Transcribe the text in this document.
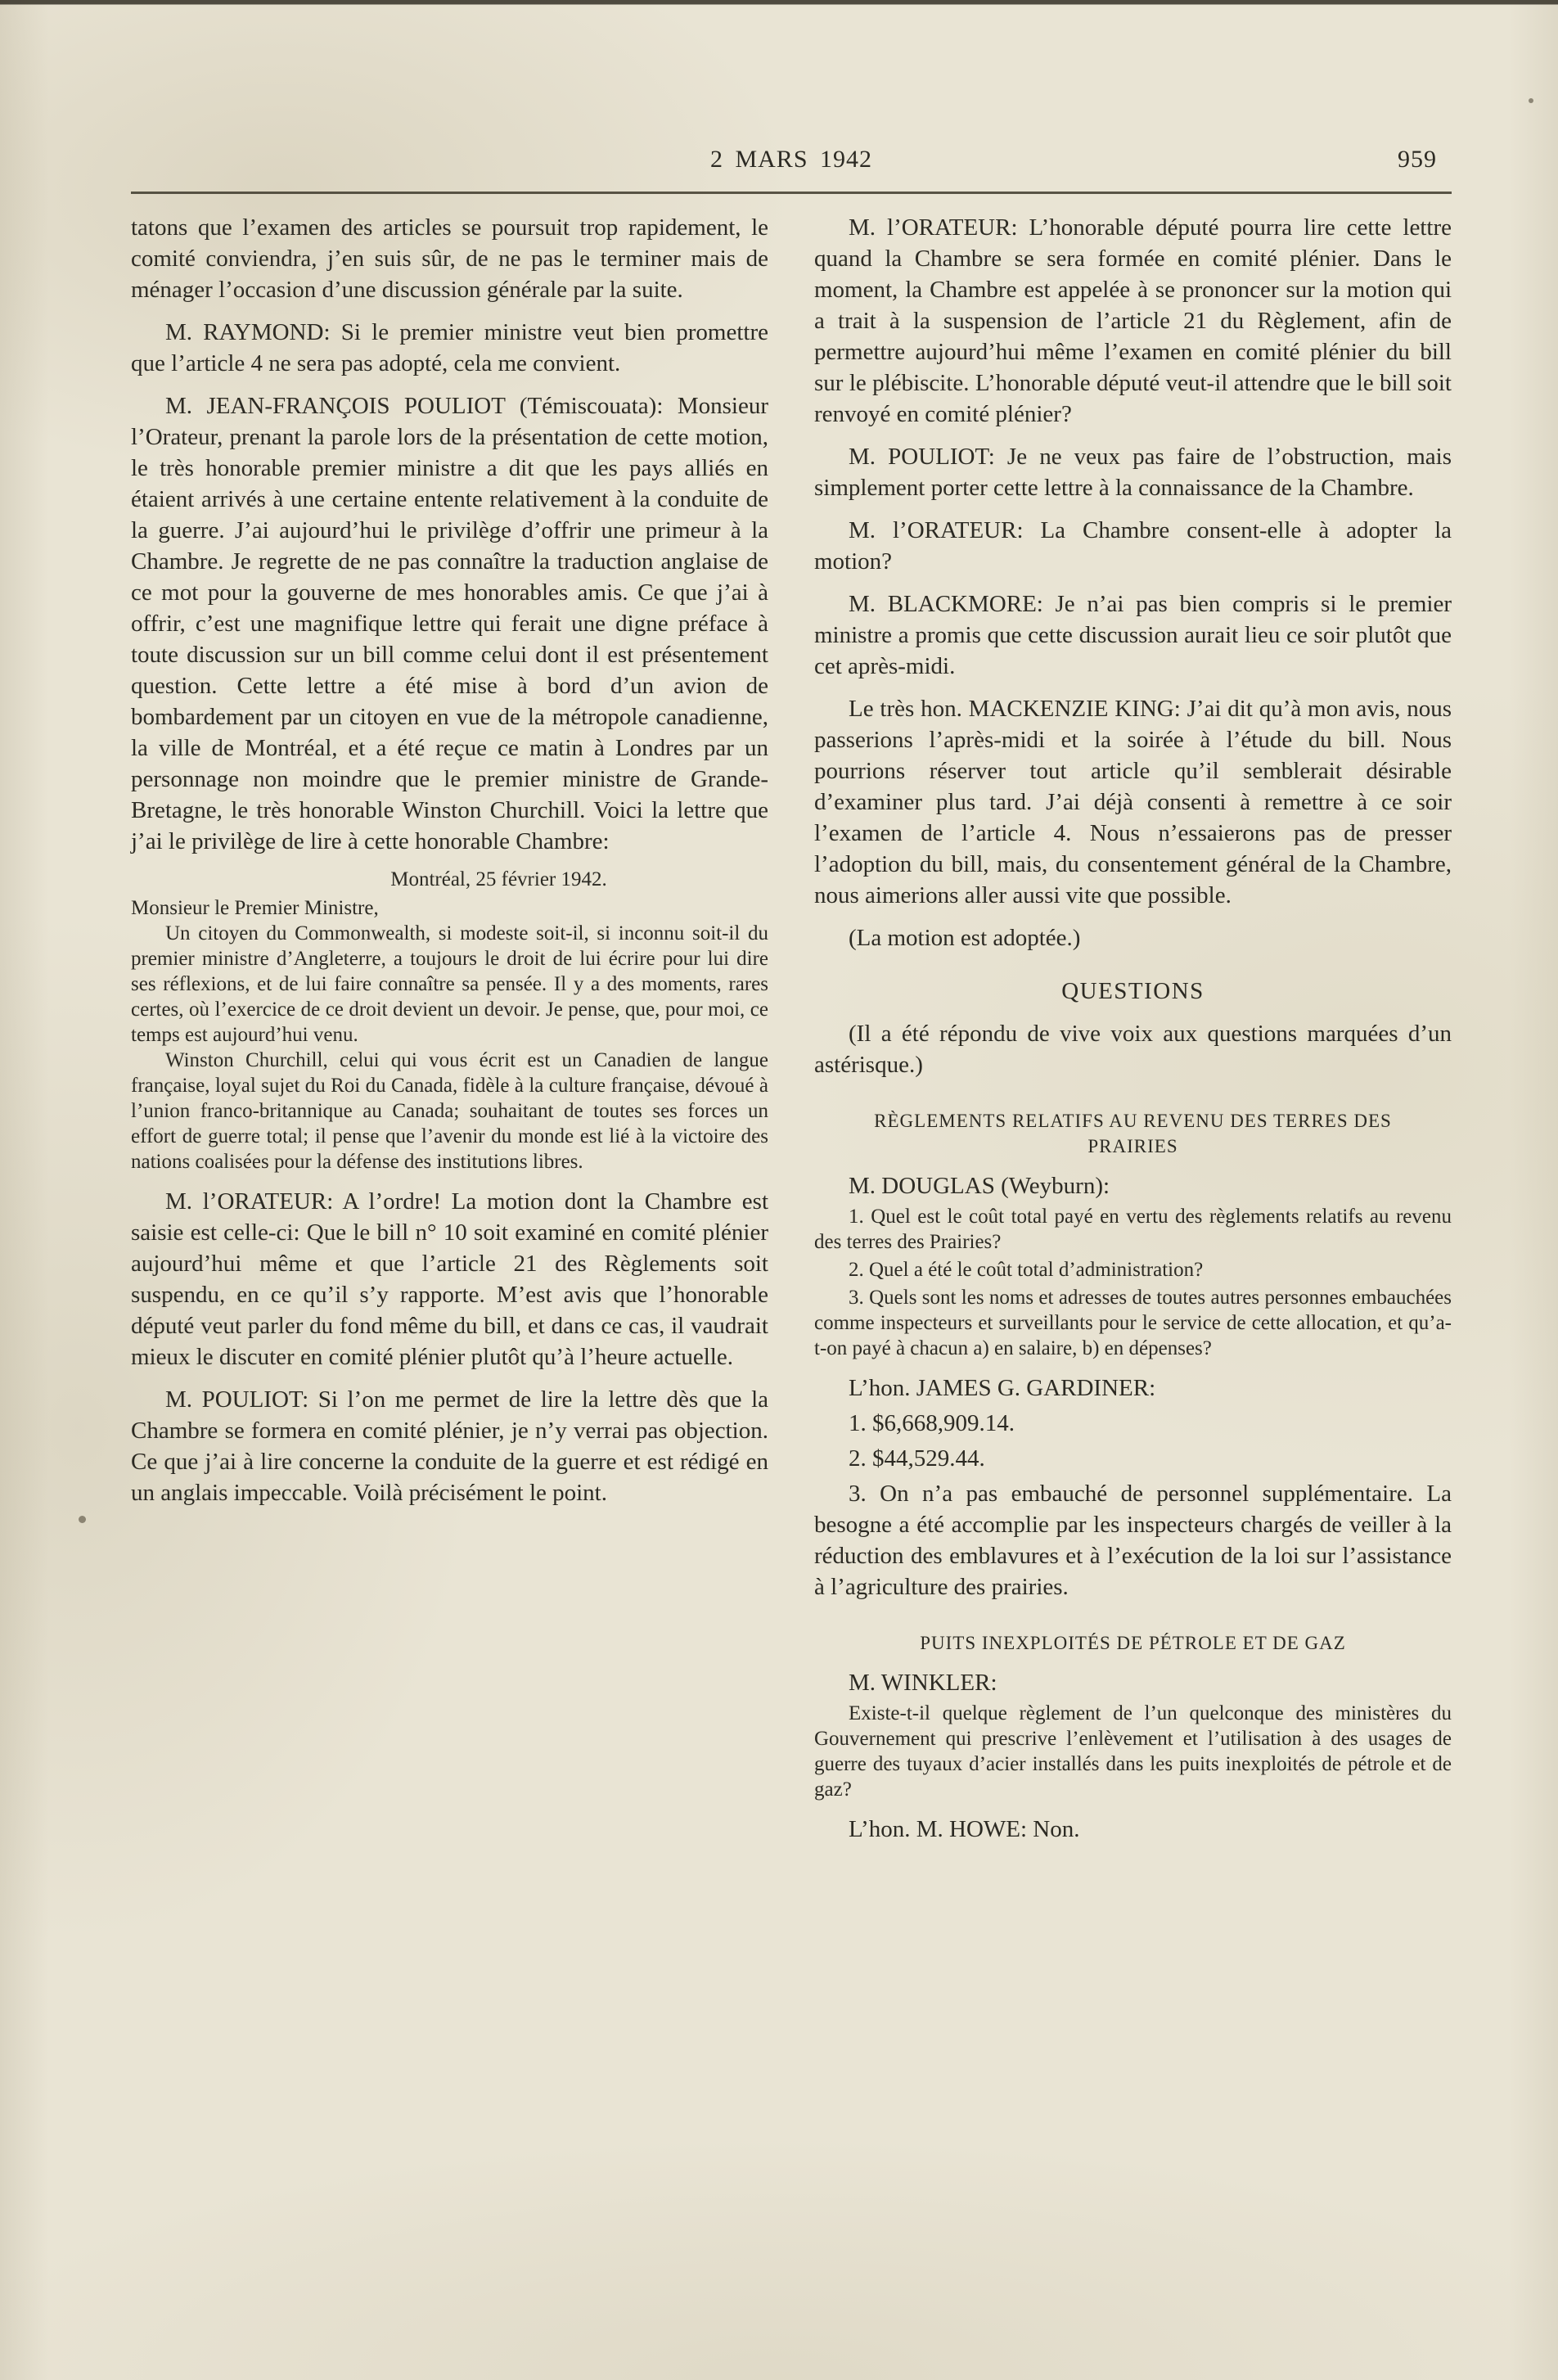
2 MARS 1942	959

tatons que l’examen des articles se poursuit trop rapidement, le comité conviendra, j’en suis sûr, de ne pas le terminer mais de ménager l’occasion d’une discussion générale par la suite.

M. RAYMOND: Si le premier ministre veut bien promettre que l’article 4 ne sera pas adopté, cela me convient.

M. JEAN-FRANÇOIS POULIOT (Témiscouata): Monsieur l’Orateur, prenant la parole lors de la présentation de cette motion, le très honorable premier ministre a dit que les pays alliés en étaient arrivés à une certaine entente relativement à la conduite de la guerre. J’ai aujourd’hui le privilège d’offrir une primeur à la Chambre. Je regrette de ne pas connaître la traduction anglaise de ce mot pour la gouverne de mes honorables amis. Ce que j’ai à offrir, c’est une magnifique lettre qui ferait une digne préface à toute discussion sur un bill comme celui dont il est présentement question. Cette lettre a été mise à bord d’un avion de bombardement par un citoyen en vue de la métropole canadienne, la ville de Montréal, et a été reçue ce matin à Londres par un personnage non moindre que le premier ministre de Grande-Bretagne, le très honorable Winston Churchill. Voici la lettre que j’ai le privilège de lire à cette honorable Chambre:

Montréal, 25 février 1942.

Monsieur le Premier Ministre,

Un citoyen du Commonwealth, si modeste soit-il, si inconnu soit-il du premier ministre d’Angleterre, a toujours le droit de lui écrire pour lui dire ses réflexions, et de lui faire connaître sa pensée. Il y a des moments, rares certes, où l’exercice de ce droit devient un devoir. Je pense, que, pour moi, ce temps est aujourd’hui venu.

Winston Churchill, celui qui vous écrit est un Canadien de langue française, loyal sujet du Roi du Canada, fidèle à la culture française, dévoué à l’union franco-britannique au Canada; souhaitant de toutes ses forces un effort de guerre total; il pense que l’avenir du monde est lié à la victoire des nations coalisées pour la défense des institutions libres.

M. l’ORATEUR: A l’ordre! La motion dont la Chambre est saisie est celle-ci: Que le bill n° 10 soit examiné en comité plénier aujourd’hui même et que l’article 21 des Règlements soit suspendu, en ce qu’il s’y rapporte. M’est avis que l’honorable député veut parler du fond même du bill, et dans ce cas, il vaudrait mieux le discuter en comité plénier plutôt qu’à l’heure actuelle.

M. POULIOT: Si l’on me permet de lire la lettre dès que la Chambre se formera en comité plénier, je n’y verrai pas objection. Ce que j’ai à lire concerne la conduite de la guerre et est rédigé en un anglais impeccable. Voilà précisément le point.

M. l’ORATEUR: L’honorable député pourra lire cette lettre quand la Chambre se sera formée en comité plénier. Dans le moment, la Chambre est appelée à se prononcer sur la motion qui a trait à la suspension de l’article 21 du Règlement, afin de permettre aujourd’hui même l’examen en comité plénier du bill sur le plébiscite. L’honorable député veut-il attendre que le bill soit renvoyé en comité plénier?

M. POULIOT: Je ne veux pas faire de l’obstruction, mais simplement porter cette lettre à la connaissance de la Chambre.

M. l’ORATEUR: La Chambre consent-elle à adopter la motion?

M. BLACKMORE: Je n’ai pas bien compris si le premier ministre a promis que cette discussion aurait lieu ce soir plutôt que cet après-midi.

Le très hon. MACKENZIE KING: J’ai dit qu’à mon avis, nous passerions l’après-midi et la soirée à l’étude du bill. Nous pourrions réserver tout article qu’il semblerait désirable d’examiner plus tard. J’ai déjà consenti à remettre à ce soir l’examen de l’article 4. Nous n’essaierons pas de presser l’adoption du bill, mais, du consentement général de la Chambre, nous aimerions aller aussi vite que possible.

(La motion est adoptée.)

QUESTIONS

(Il a été répondu de vive voix aux questions marquées d’un astérisque.)

RÈGLEMENTS RELATIFS AU REVENU DES TERRES DES PRAIRIES

M. DOUGLAS (Weyburn):

1. Quel est le coût total payé en vertu des règlements relatifs au revenu des terres des Prairies?

2. Quel a été le coût total d’administration?

3. Quels sont les noms et adresses de toutes autres personnes embauchées comme inspecteurs et surveillants pour le service de cette allocation, et qu’a-t-on payé à chacun a) en salaire, b) en dépenses?

L’hon. JAMES G. GARDINER:

1. $6,668,909.14.

2. $44,529.44.

3. On n’a pas embauché de personnel supplémentaire. La besogne a été accomplie par les inspecteurs chargés de veiller à la réduction des emblavures et à l’exécution de la loi sur l’assistance à l’agriculture des prairies.

PUITS INEXPLOITÉS DE PÉTROLE ET DE GAZ

M. WINKLER:

Existe-t-il quelque règlement de l’un quelconque des ministères du Gouvernement qui prescrive l’enlèvement et l’utilisation à des usages de guerre des tuyaux d’acier installés dans les puits inexploités de pétrole et de gaz?

L’hon. M. HOWE: Non.
